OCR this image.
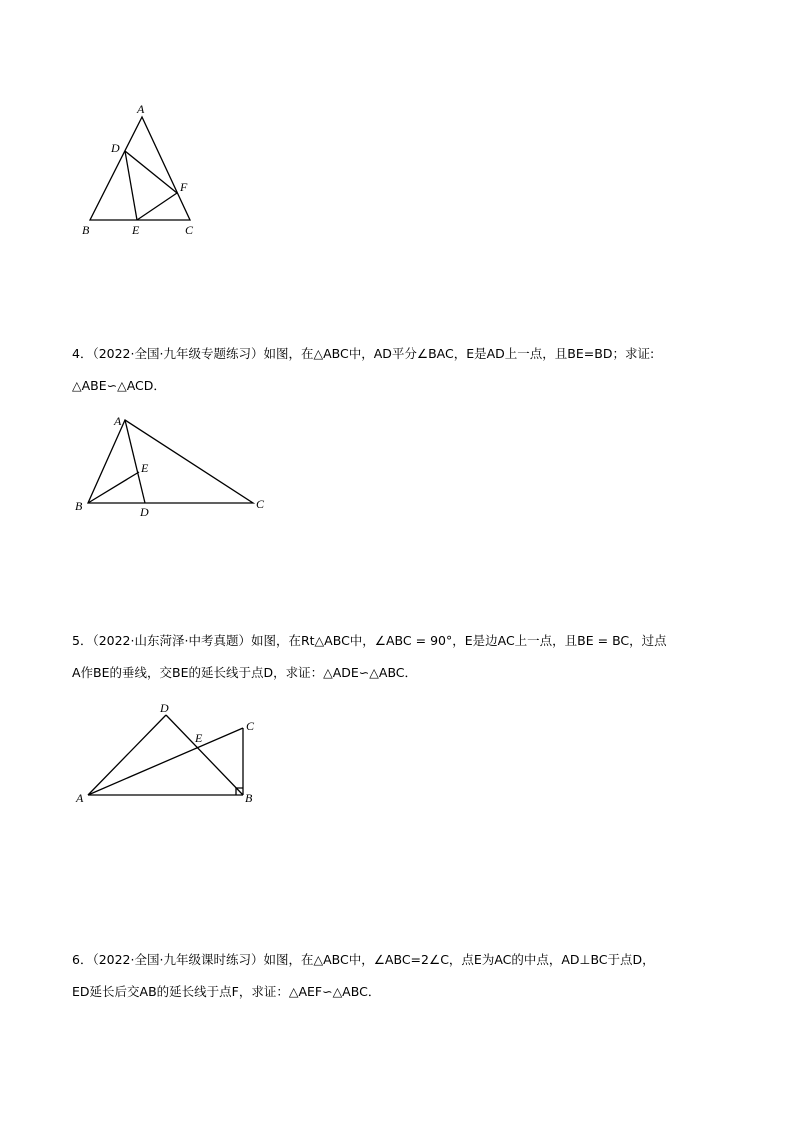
A
D
F
B	E	C

4．（2022·全国·九年级专题练习）如图，在△ABC中，AD平分∠BAC，E是AD上一点，且BE=BD；求证:

△ABE∽△ACD．

A
E
B	D
C

5．（2022·山东菏泽·中考真题）如图，在Rt△ABC中，∠ABC = 90°，E是边AC上一点，且BE = BC，过点

A作BE的垂线，交BE的延长线于点D，求证：△ADE∽△ABC．

D
C
E
A	B

6．（2022·全国·九年级课时练习）如图，在△ABC中，∠ABC=2∠C，点E为AC的中点，AD⊥BC于点D，

ED延长后交AB的延长线于点F，求证：△AEF∽△ABC．
